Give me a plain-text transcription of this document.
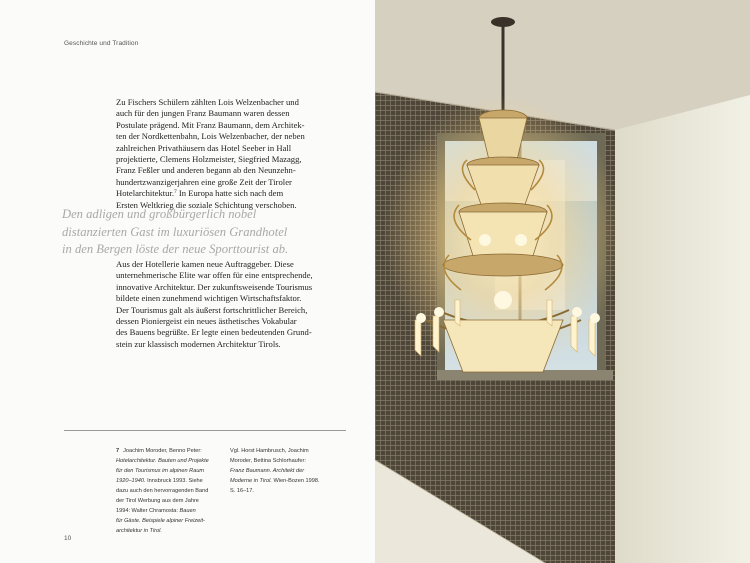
Geschichte und Tradition

Zu Fischers Schülern zählten Lois Welzenbacher und
auch für den jungen Franz Baumann waren dessen
Postulate prägend. Mit Franz Baumann, dem Architek-
ten der Nordkettenbahn, Lois Welzenbacher, der neben
zahlreichen Privathäusern das Hotel Seeber in Hall
projektierte, Clemens Holzmeister, Siegfried Mazagg,
Franz Feßler und anderen begann ab den Neunzehn-
hundertzwanzigerjahren eine große Zeit der Tiroler
Hotelarchitektur.$^7$ In Europa hatte sich nach dem
Ersten Weltkrieg die soziale Schichtung verschoben.

Den adligen und großbürgerlich nobel
distanzierten Gast im luxuriösen Grandhotel
in den Bergen löste der neue Sporttourist ab.

Aus der Hotellerie kamen neue Auftraggeber. Diese
unternehmerische Elite war offen für eine entsprechende,
innovative Architektur. Der zukunftsweisende Tourismus
bildete einen zunehmend wichtigen Wirtschaftsfaktor.
Der Tourismus galt als äußerst fortschrittlicher Bereich,
dessen Pioniergeist ein neues ästhetisches Vokabular
des Bauens begrüßte. Er legte einen bedeutenden Grund-
stein zur klassisch modernen Architektur Tirols.

7 Joachim Moroder, Benno Peter:
Hotelarchitektur. Bauten und Projekte
für den Tourismus im alpinen Raum
1920–1940. Innsbruck 1993. Siehe
dazu auch den hervorragenden Band
der Tirol Werbung aus dem Jahre
1994: Walter Chramosta: Bauen
für Gäste. Beispiele alpiner Freizeit-
architektur in Tirol.

Vgl. Horst Hambrusch, Joachim
Moroder, Bettina Schlorhaufer:
Franz Baumann. Architekt der
Moderne in Tirol. Wien-Bozen 1998.
S. 16–17.

10
